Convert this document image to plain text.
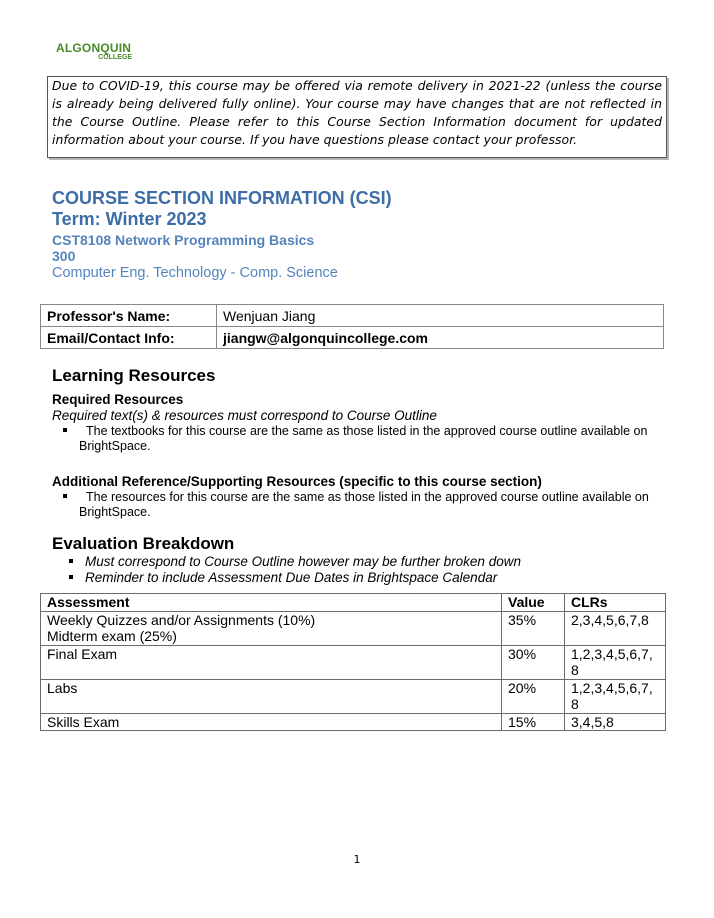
ALGONQUIN
COLLEGE

Due to COVID-19, this course may be offered via remote delivery in 2021-22 (unless the course is already being delivered fully online). Your course may have changes that are not reflected in the Course Outline. Please refer to this Course Section Information document for updated information about your course. If you have questions please contact your professor.

COURSE SECTION INFORMATION (CSI)
Term: Winter 2023
CST8108 Network Programming Basics
300
Computer Eng. Technology - Comp. Science
Professor's Name:	Wenjuan Jiang
Email/Contact Info:	jiangw@algonquincollege.com
Learning Resources
Required Resources
Required text(s) & resources must correspond to Course Outline
The textbooks for this course are the same as those listed in the approved course outline available on
BrightSpace.
Additional Reference/Supporting Resources (specific to this course section)
The resources for this course are the same as those listed in the approved course outline available on
BrightSpace.
Evaluation Breakdown
Must correspond to Course Outline however may be further broken down
Reminder to include Assessment Due Dates in Brightspace Calendar
Assessment	Value	CLRs

Weekly Quizzes and/or Assignments (10%)
Midterm exam (25%)	35%	2,3,4,5,6,7,8

Final Exam	30%	1,2,3,4,5,6,7,
8

Labs	20%	1,2,3,4,5,6,7,
8

Skills Exam	15%	3,4,5,8
1
